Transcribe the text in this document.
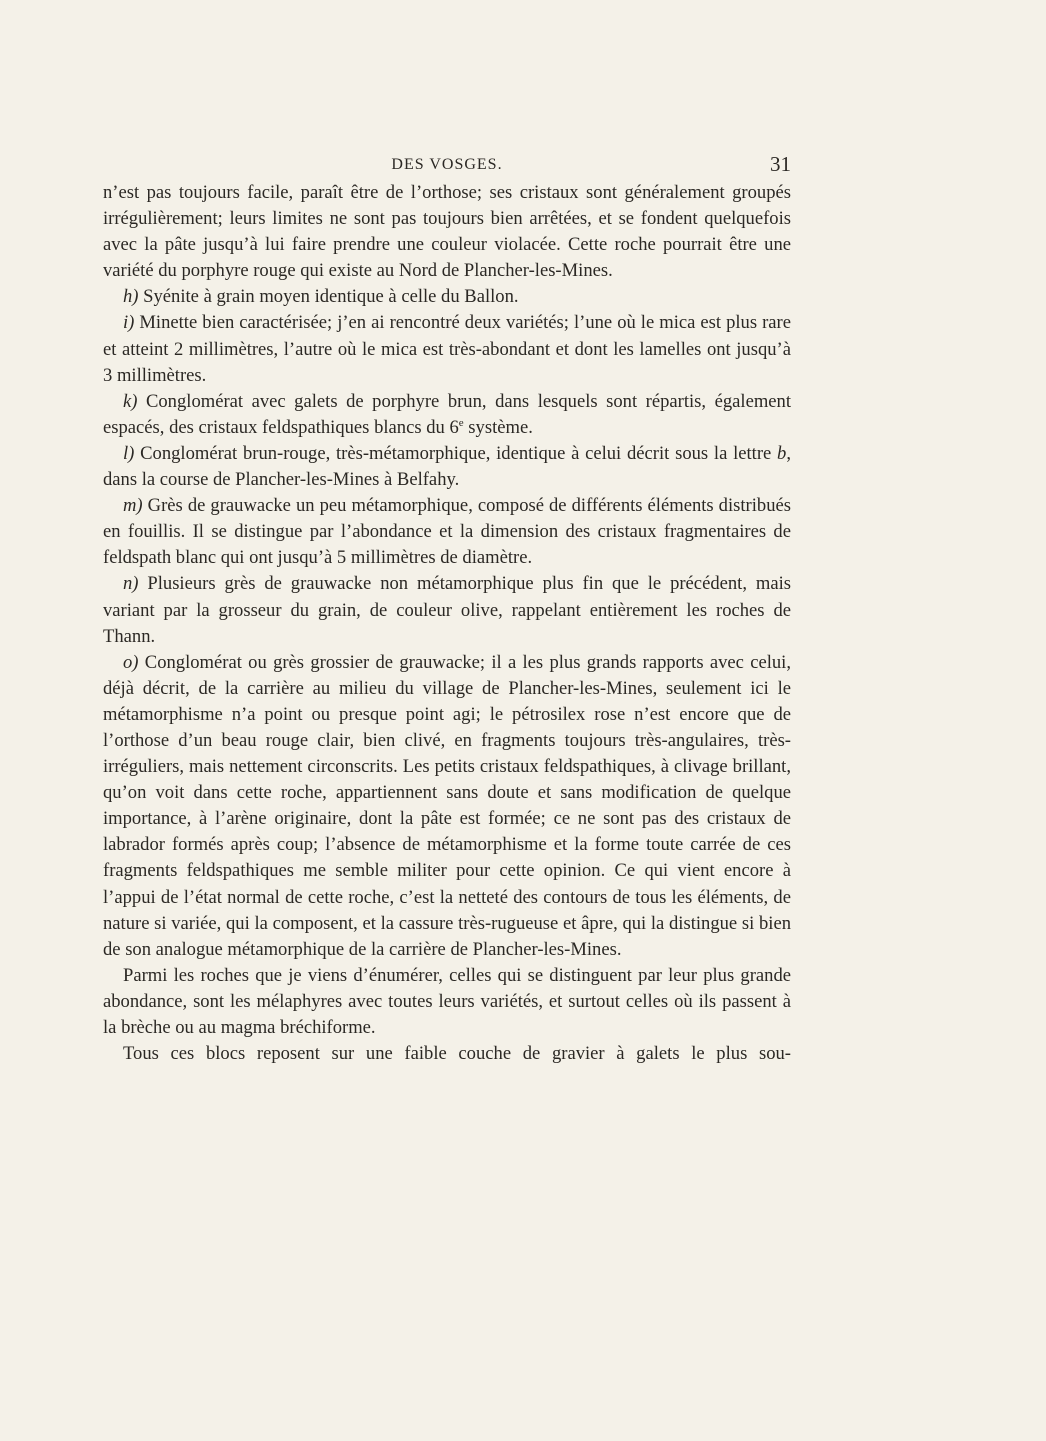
DES VOSGES.	31

n’est pas toujours facile, paraît être de l’orthose; ses cristaux sont généralement groupés irrégulièrement; leurs limites ne sont pas toujours bien arrêtées, et se fondent quelquefois avec la pâte jusqu’à lui faire prendre une couleur violacée. Cette roche pourrait être une variété du porphyre rouge qui existe au Nord de Plancher-les-Mines.

h) Syénite à grain moyen identique à celle du Ballon.

i) Minette bien caractérisée; j’en ai rencontré deux variétés; l’une où le mica est plus rare et atteint 2 millimètres, l’autre où le mica est très-abondant et dont les lamelles ont jusqu’à 3 millimètres.

k) Conglomérat avec galets de porphyre brun, dans lesquels sont répartis, également espacés, des cristaux feldspathiques blancs du 6e système.

l) Conglomérat brun-rouge, très-métamorphique, identique à celui décrit sous la lettre b, dans la course de Plancher-les-Mines à Belfahy.

m) Grès de grauwacke un peu métamorphique, composé de différents éléments distribués en fouillis. Il se distingue par l’abondance et la dimension des cristaux fragmentaires de feldspath blanc qui ont jusqu’à 5 millimètres de diamètre.

n) Plusieurs grès de grauwacke non métamorphique plus fin que le précédent, mais variant par la grosseur du grain, de couleur olive, rappelant entièrement les roches de Thann.

o) Conglomérat ou grès grossier de grauwacke; il a les plus grands rapports avec celui, déjà décrit, de la carrière au milieu du village de Plancher-les-Mines, seulement ici le métamorphisme n’a point ou presque point agi; le pétrosilex rose n’est encore que de l’orthose d’un beau rouge clair, bien clivé, en fragments toujours très-angulaires, très-irréguliers, mais nettement circonscrits. Les petits cristaux feldspathiques, à clivage brillant, qu’on voit dans cette roche, appartiennent sans doute et sans modification de quelque importance, à l’arène originaire, dont la pâte est formée; ce ne sont pas des cristaux de labrador formés après coup; l’absence de métamorphisme et la forme toute carrée de ces fragments feldspathiques me semble militer pour cette opinion. Ce qui vient encore à l’appui de l’état normal de cette roche, c’est la netteté des contours de tous les éléments, de nature si variée, qui la composent, et la cassure très-rugueuse et âpre, qui la distingue si bien de son analogue métamorphique de la carrière de Plancher-les-Mines.

Parmi les roches que je viens d’énumérer, celles qui se distinguent par leur plus grande abondance, sont les mélaphyres avec toutes leurs variétés, et surtout celles où ils passent à la brèche ou au magma bréchiforme.

Tous ces blocs reposent sur une faible couche de gravier à galets le plus sou-
